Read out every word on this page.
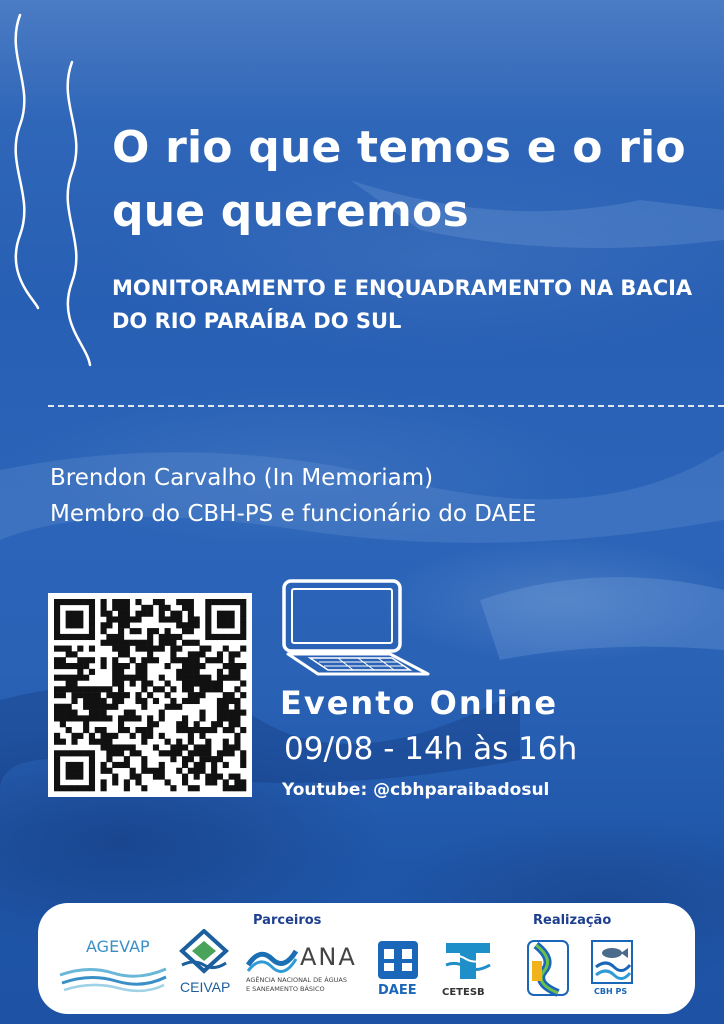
O rio que temos e o rio que queremos
MONITORAMENTO E ENQUADRAMENTO NA BACIA DO RIO PARAÍBA DO SUL
Brendon Carvalho (In Memoriam)
Membro do CBH-PS e funcionário do DAEE
Evento Online
09/08 - 14h às 16h
Youtube: @cbhparaibadosul
Parceiros	Realização
AGEVAP
CEIVAP
ANA
AGÊNCIA NACIONAL DE ÁGUAS
E SANEAMENTO BÁSICO	DAEE	CETESB	CBH PS
